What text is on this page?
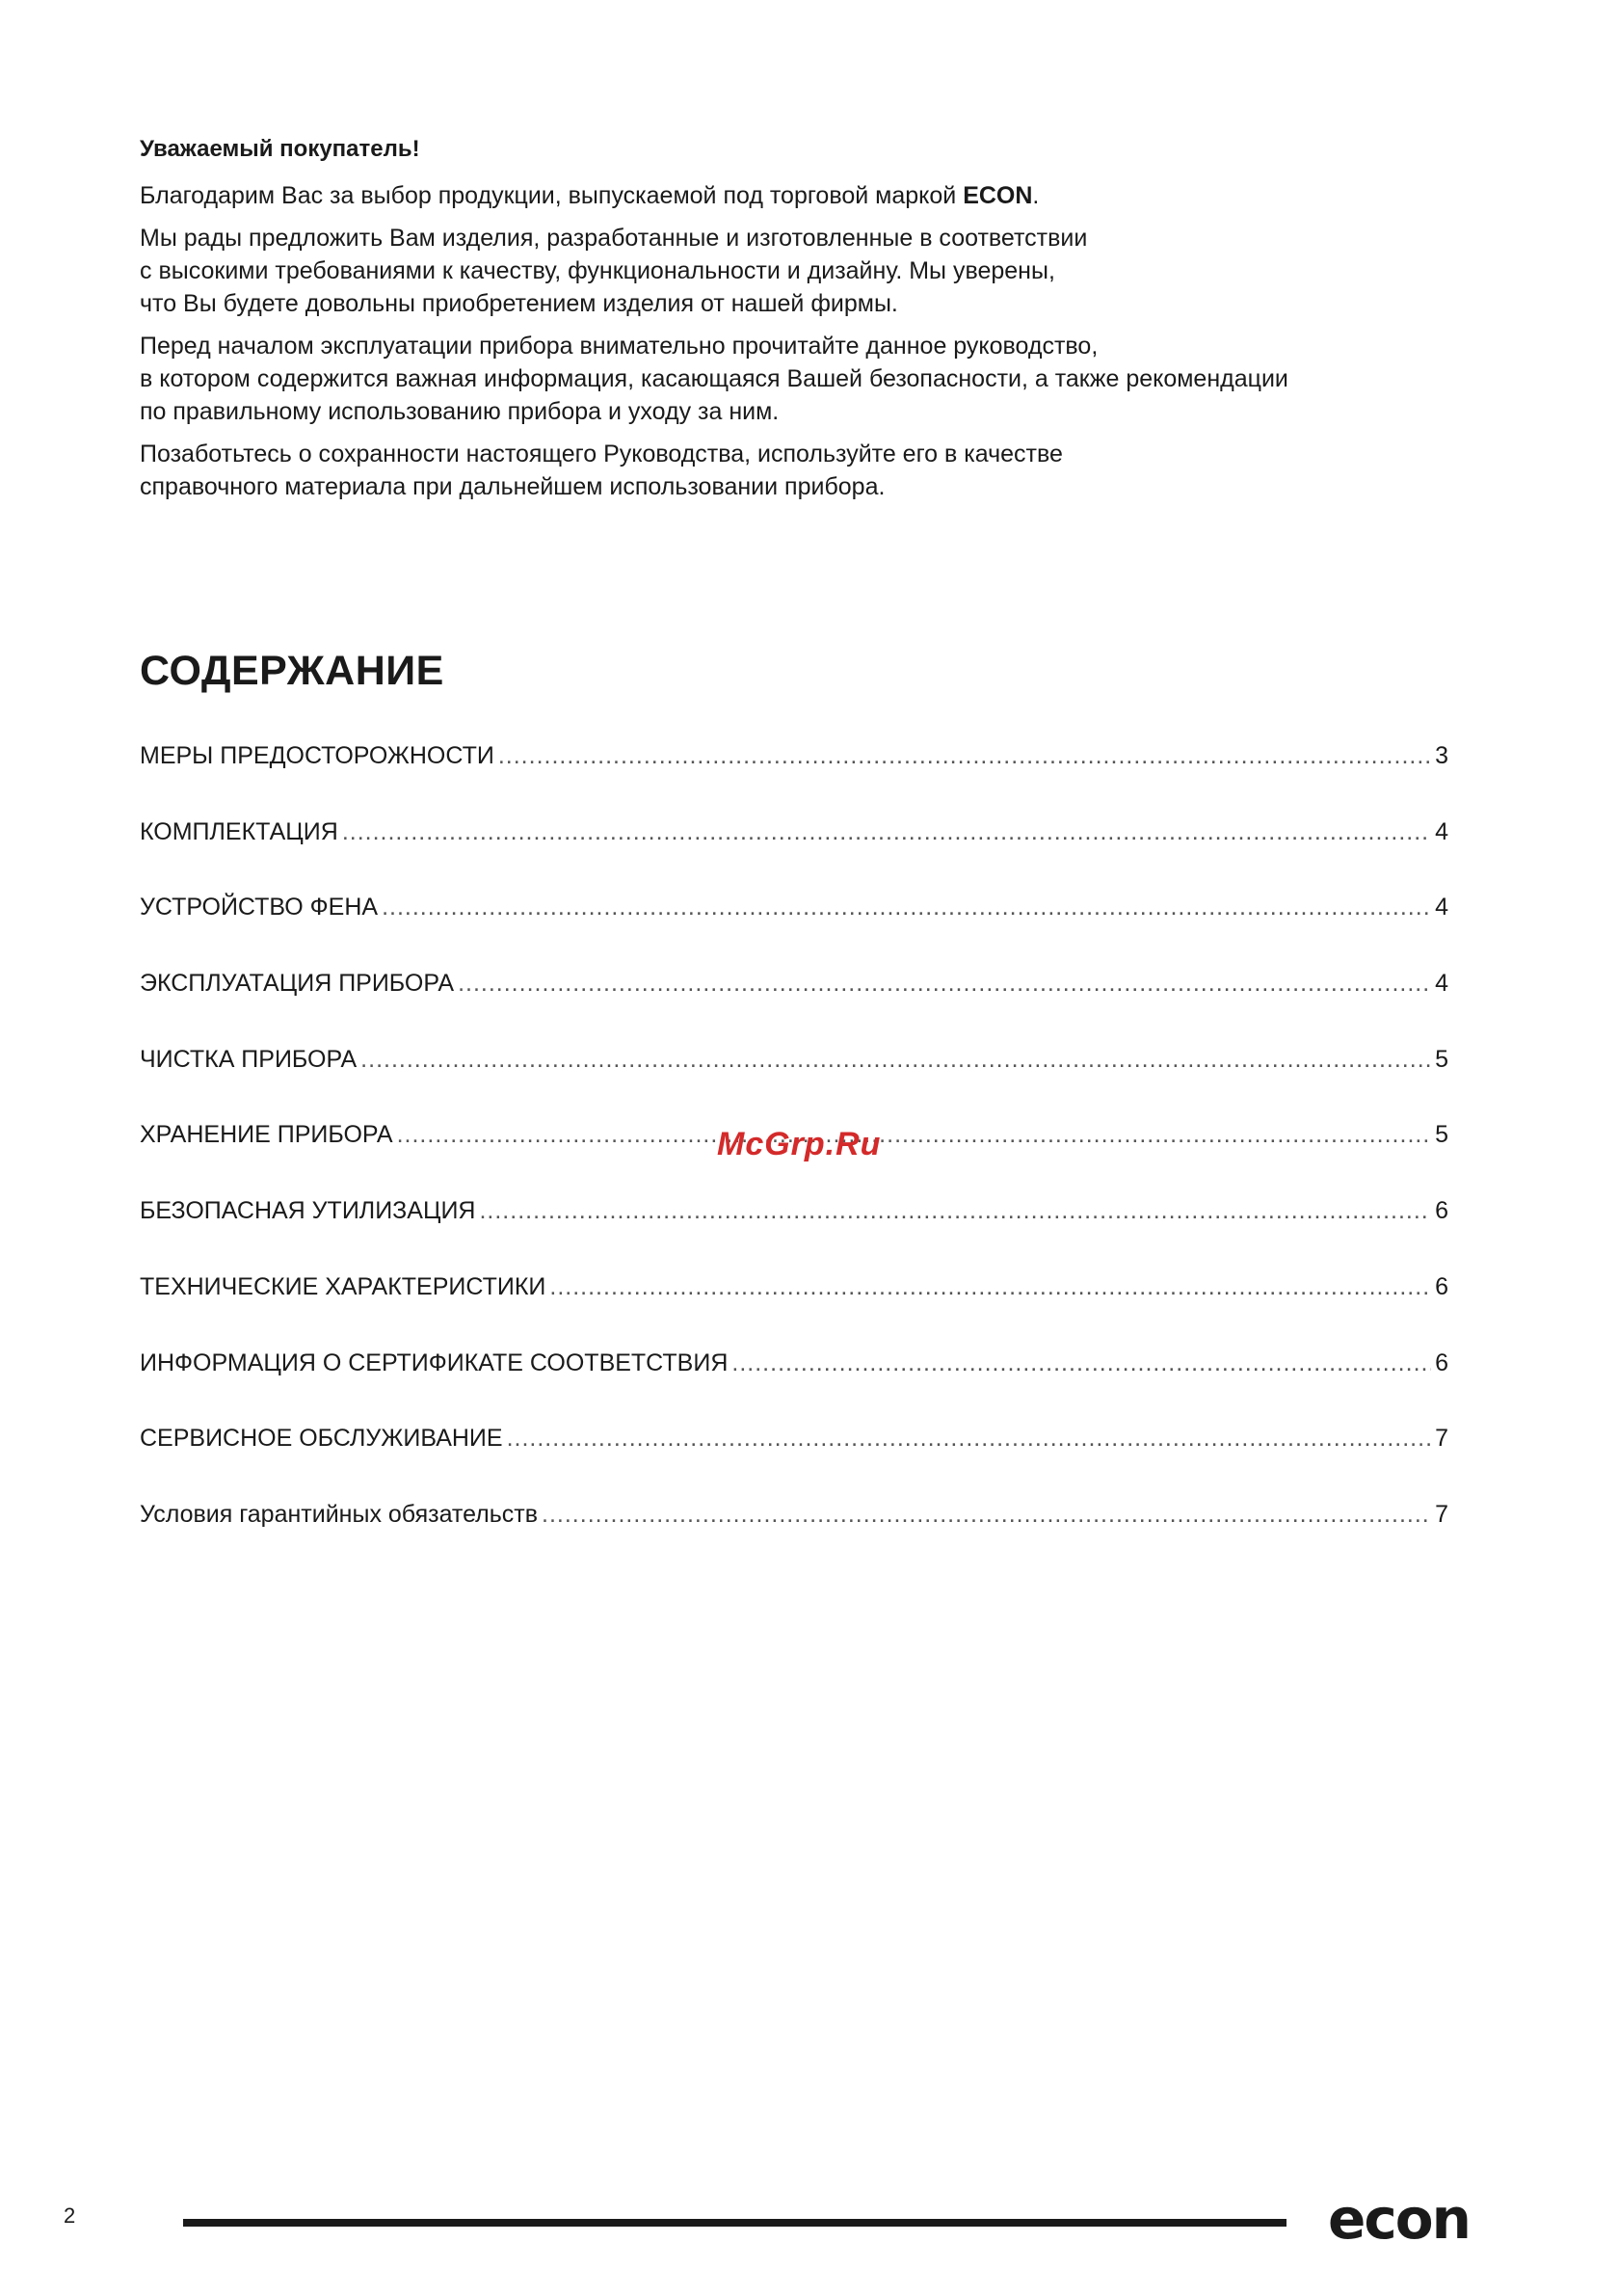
Уважаемый покупатель!

Благодарим Вас за выбор продукции, выпускаемой под торговой маркой ECON.

Мы рады предложить Вам изделия, разработанные и изготовленные в соответствии
с высокими требованиями к качеству, функциональности и дизайну. Мы уверены,
что Вы будете довольны приобретением изделия от нашей фирмы.

Перед началом эксплуатации прибора внимательно прочитайте данное руководство,
в котором содержится важная информация, касающаяся Вашей безопасности, а также рекомендации
по правильному использованию прибора и уходу за ним.

Позаботьтесь о сохранности настоящего Руководства, используйте его в качестве
справочного материала при дальнейшем использовании прибора.

СОДЕРЖАНИЕ
МЕРЫ ПРЕДОСТОРОЖНОСТИ .....	3
КОМПЛЕКТАЦИЯ .....	4
УСТРОЙСТВО ФЕНА .....	4
ЭКСПЛУАТАЦИЯ ПРИБОРА .....	4
ЧИСТКА ПРИБОРА .....	5
ХРАНЕНИЕ ПРИБОРА .....	5
БЕЗОПАСНАЯ УТИЛИЗАЦИЯ .....	6
ТЕХНИЧЕСКИЕ ХАРАКТЕРИСТИКИ .....	6
ИНФОРМАЦИЯ О СЕРТИФИКАТЕ СООТВЕТСТВИЯ .....	6
СЕРВИСНОЕ ОБСЛУЖИВАНИЕ .....	7
Условия гарантийных обязательств .....	7
McGrp.Ru
2	econ
